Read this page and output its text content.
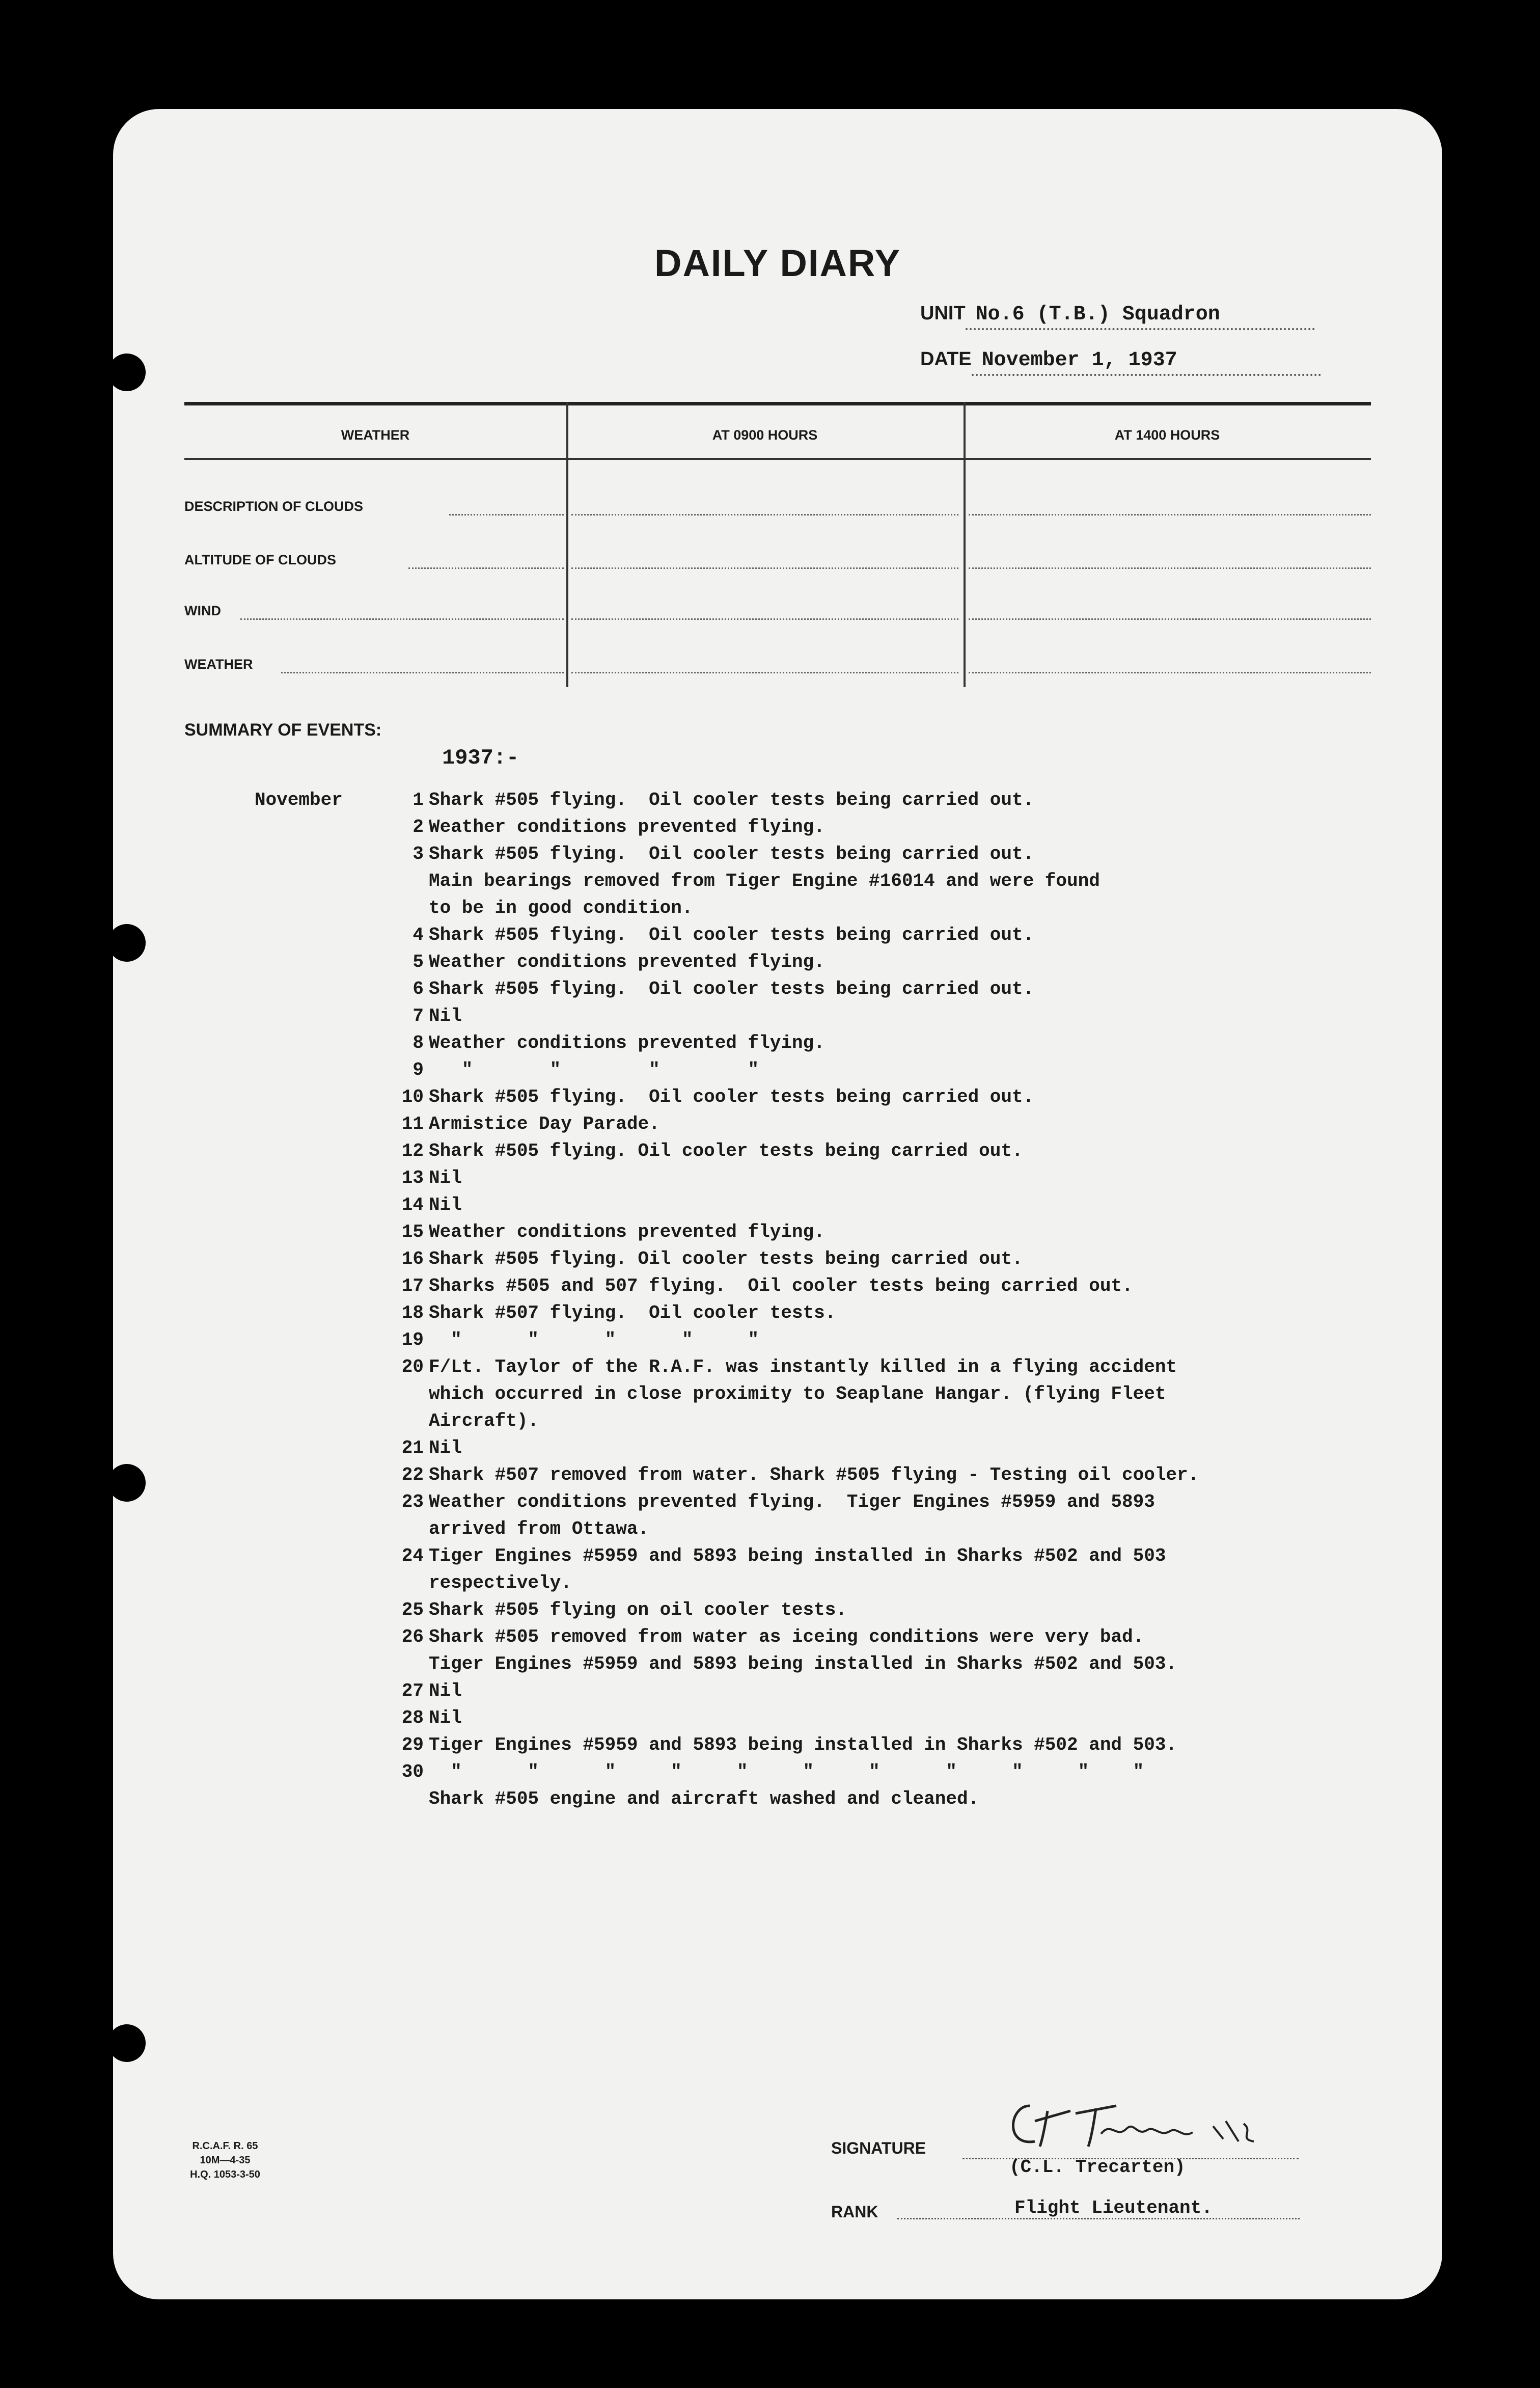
DAILY DIARY
UNIT No.6 (T.B.) Squadron
DATE November 1, 1937
WEATHER	AT 0900 HOURS	AT 1400 HOURS
DESCRIPTION OF CLOUDS
ALTITUDE OF CLOUDS
WIND
WEATHER
SUMMARY OF EVENTS:
1937:-
November	1 Shark #505 flying.  Oil cooler tests being carried out.
2 Weather conditions prevented flying.
3 Shark #505 flying.  Oil cooler tests being carried out.
Main bearings removed from Tiger Engine #16014 and were found
to be in good condition.
4 Shark #505 flying.  Oil cooler tests being carried out.
5 Weather conditions prevented flying.
6 Shark #505 flying.  Oil cooler tests being carried out.
7 Nil
8 Weather conditions prevented flying.
9 "       "        "        "
10 Shark #505 flying.  Oil cooler tests being carried out.
11 Armistice Day Parade.
12 Shark #505 flying. Oil cooler tests being carried out.
13 Nil
14 Nil
15 Weather conditions prevented flying.
16 Shark #505 flying. Oil cooler tests being carried out.
17 Sharks #505 and 507 flying.  Oil cooler tests being carried out.
18 Shark #507 flying.  Oil cooler tests.
19 "      "      "      "     "
20 F/Lt. Taylor of the R.A.F. was instantly killed in a flying accident
which occurred in close proximity to Seaplane Hangar. (flying Fleet
Aircraft).
21 Nil
22 Shark #507 removed from water. Shark #505 flying - Testing oil cooler.
23 Weather conditions prevented flying.  Tiger Engines #5959 and 5893
arrived from Ottawa.
24 Tiger Engines #5959 and 5893 being installed in Sharks #502 and 503
respectively.
25 Shark #505 flying on oil cooler tests.
26 Shark #505 removed from water as iceing conditions were very bad.
Tiger Engines #5959 and 5893 being installed in Sharks #502 and 503.
27 Nil
28 Nil
29 Tiger Engines #5959 and 5893 being installed in Sharks #502 and 503.
30 "      "      "     "     "     "     "      "     "     "    "
Shark #505 engine and aircraft washed and cleaned.
R.C.A.F. R. 65
10M—4-35
H.Q. 1053-3-50
SIGNATURE
(C.L. Trecarten)
RANK	Flight Lieutenant.
